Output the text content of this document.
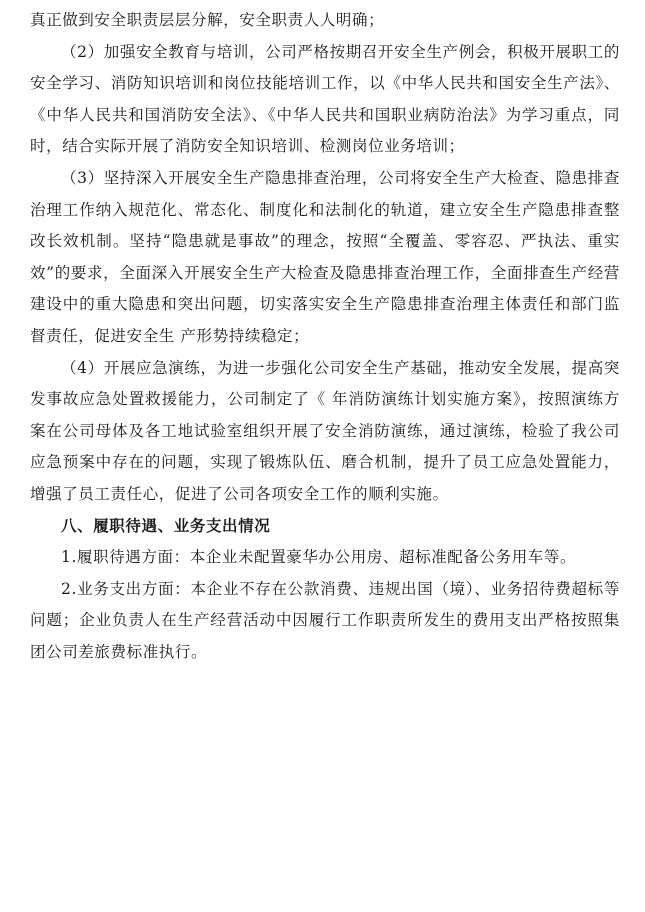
真正做到安全职责层层分解，安全职责人人明确；

（2）加强安全教育与培训，公司严格按期召开安全生产例会，积极开展职工的安全学习、消防知识培训和岗位技能培训工作，以《中华人民共和国安全生产法》、《中华人民共和国消防安全法》、《中华人民共和国职业病防治法》为学习重点，同时，结合实际开展了消防安全知识培训、检测岗位业务培训；

（3）坚持深入开展安全生产隐患排查治理，公司将安全生产大检查、隐患排查治理工作纳入规范化、常态化、制度化和法制化的轨道，建立安全生产隐患排查整改长效机制。坚持“隐患就是事故”的理念，按照“全覆盖、零容忍、严执法、重实效”的要求，全面深入开展安全生产大检查及隐患排查治理工作，全面排查生产经营建设中的重大隐患和突出问题，切实落实安全生产隐患排查治理主体责任和部门监督责任，促进安全生 产形势持续稳定；

（4）开展应急演练，为进一步强化公司安全生产基础，推动安全发展，提高突发事故应急处置救援能力，公司制定了《 年消防演练计划实施方案》，按照演练方案在公司母体及各工地试验室组织开展了安全消防演练，通过演练，检验了我公司应急预案中存在的问题，实现了锻炼队伍、磨合机制，提升了员工应急处置能力，增强了员工责任心，促进了公司各项安全工作的顺利实施。

八、履职待遇、业务支出情况

1.履职待遇方面：本企业未配置豪华办公用房、超标准配备公务用车等。

2.业务支出方面：本企业不存在公款消费、违规出国（境）、业务招待费超标等问题；企业负责人在生产经营活动中因履行工作职责所发生的费用支出严格按照集团公司差旅费标准执行。
